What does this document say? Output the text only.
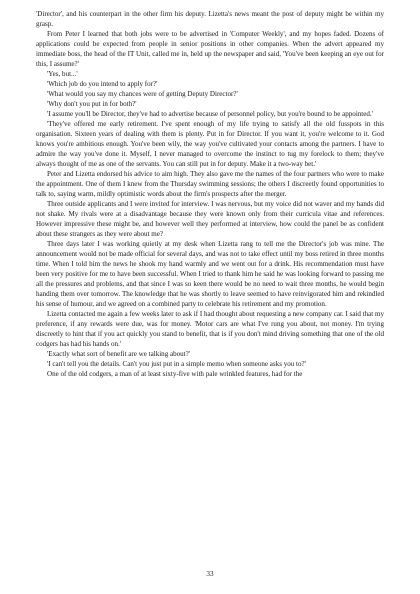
'Director', and his counterpart in the other firm his deputy. Lizetta's news meant the post of deputy might be within my grasp.

From Peter I learned that both jobs were to be advertised in 'Computer Weekly', and my hopes faded. Dozens of applications could be expected from people in senior positions in other companies. When the advert appeared my immediate boss, the head of the IT Unit, called me in, held up the newspaper and said, 'You've been keeping an eye out for this, I assume?'

'Yes, but...'

'Which job do you intend to apply for?'

'What would you say my chances were of getting Deputy Director?'

'Why don't you put in for both?'

'I assume you'll be Director, they've had to advertise because of personnel policy, but you're bound to be appointed.'

'They've offered me early retirement. I've spent enough of my life trying to satisfy all the old fusspots in this organisation. Sixteen years of dealing with them is plenty. Put in for Director. If you want it, you're welcome to it. God knows you're ambitious enough. You've been wily, the way you've cultivated your contacts among the partners. I have to admire the way you've done it. Myself, I never managed to overcome the instinct to tug my forelock to them; they've always thought of me as one of the servants. You can still put in for deputy. Make it a two-way bet.'

Peter and Lizetta endorsed his advice to aim high. They also gave me the names of the four partners who were to make the appointment. One of them I knew from the Thursday swimming sessions; the others I discreetly found opportunities to talk to, saying warm, mildly optimistic words about the firm's prospects after the merger.

Three outside applicants and I were invited for interview. I was nervous, but my voice did not waver and my hands did not shake. My rivals were at a disadvantage because they were known only from their curricula vitae and references. However impressive these might be, and however well they performed at interview, how could the panel be as confident about these strangers as they were about me?

Three days later I was working quietly at my desk when Lizetta rang to tell me the Director's job was mine. The announcement would not be made official for several days, and was not to take effect until my boss retired in three months time. When I told him the news he shook my hand warmly and we went out for a drink. His recommendation must have been very positive for me to have been successful. When I tried to thank him he said he was looking forward to passing me all the pressures and problems, and that since I was so keen there would be no need to wait three months, he would begin handing them over tomorrow. The knowledge that he was shortly to leave seemed to have reinvigorated him and rekindled his sense of humour, and we agreed on a combined party to celebrate his retirement and my promotion.

Lizetta contacted me again a few weeks later to ask if I had thought about requesting a new company car. I said that my preference, if any rewards were due, was for money. 'Motor cars are what I've rung you about, not money. I'm trying discreetly to hint that if you act quickly you stand to benefit, that is if you don't mind driving something that one of the old codgers has had his hands on.'

'Exactly what sort of benefit are we talking about?'

'I can't tell you the details. Can't you just put in a simple memo when someone asks you to?'

One of the old codgers, a man of at least sixty-five with pale wrinkled features, had for the

33
